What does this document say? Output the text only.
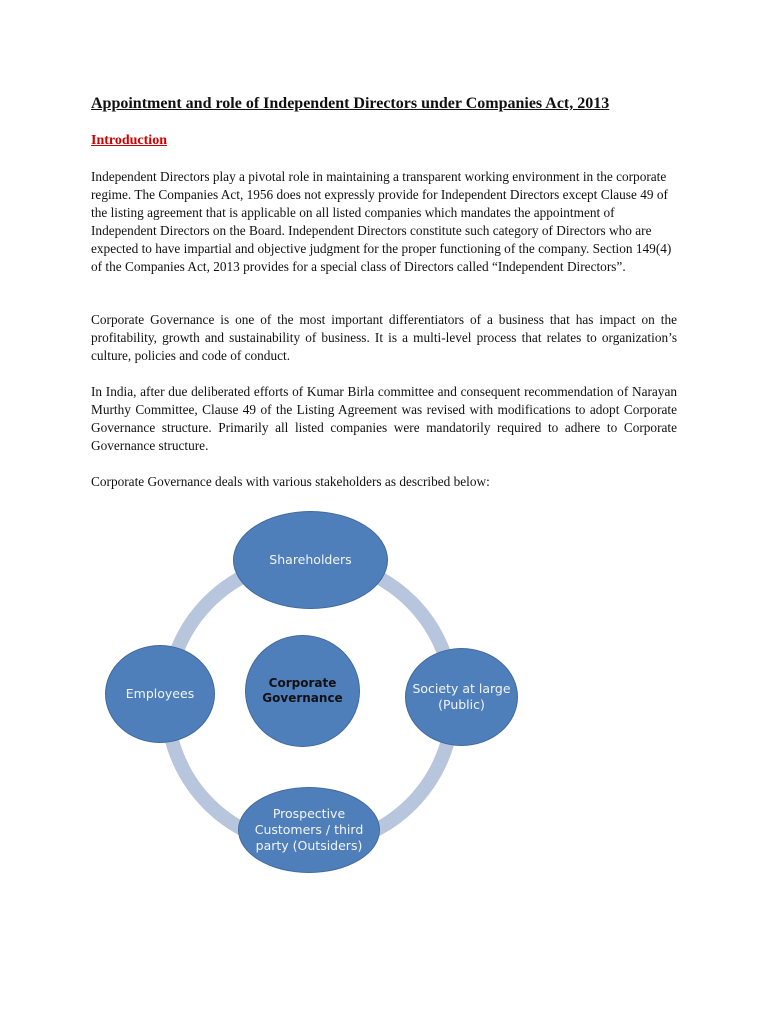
Appointment and role of Independent Directors under Companies Act, 2013
Introduction

Independent Directors play a pivotal role in maintaining a transparent working environment in the corporate regime. The Companies Act, 1956 does not expressly provide for Independent Directors except Clause 49 of the listing agreement that is applicable on all listed companies which mandates the appointment of Independent Directors on the Board. Independent Directors constitute such category of Directors who are expected to have impartial and objective judgment for the proper functioning of the company. Section 149(4) of the Companies Act, 2013 provides for a special class of Directors called “Independent Directors”.

Corporate Governance is one of the most important differentiators of a business that has impact on the profitability, growth and sustainability of business. It is a multi-level process that relates to organization’s culture, policies and code of conduct.

In India, after due deliberated efforts of Kumar Birla committee and consequent recommendation of Narayan Murthy Committee, Clause 49 of the Listing Agreement was revised with modifications to adopt Corporate Governance structure. Primarily all listed companies were mandatorily required to adhere to Corporate Governance structure.

Corporate Governance deals with various stakeholders as described below:

Shareholders
Employees	Society at large (Public)
Prospective Customers / third party (Outsiders)
Corporate Governance
